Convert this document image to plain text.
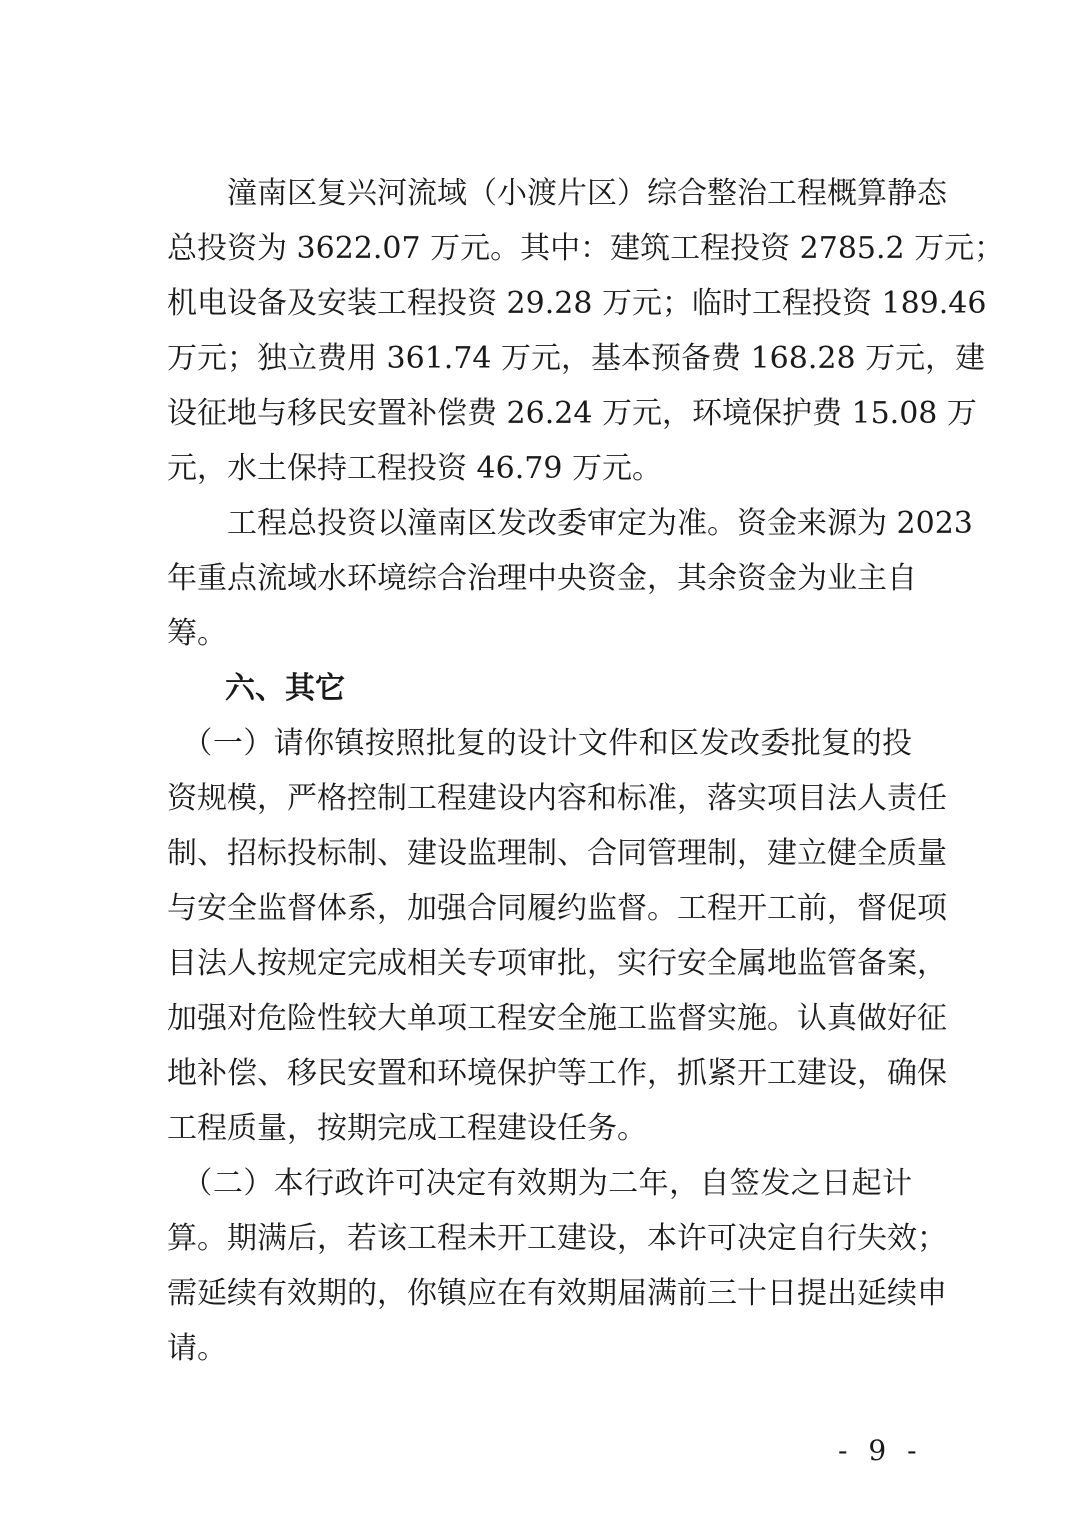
　　潼南区复兴河流域（小渡片区）综合整治工程概算静态
总投资为 3622.07 万元。其中：建筑工程投资 2785.2 万元；
机电设备及安装工程投资 29.28 万元；临时工程投资 189.46
万元；独立费用 361.74 万元，基本预备费 168.28 万元，建
设征地与移民安置补偿费 26.24 万元，环境保护费 15.08 万
元，水土保持工程投资 46.79 万元。
　　工程总投资以潼南区发改委审定为准。资金来源为 2023
年重点流域水环境综合治理中央资金，其余资金为业主自
筹。
六、其它
　（一）请你镇按照批复的设计文件和区发改委批复的投
资规模，严格控制工程建设内容和标准，落实项目法人责任
制、招标投标制、建设监理制、合同管理制，建立健全质量
与安全监督体系，加强合同履约监督。工程开工前，督促项
目法人按规定完成相关专项审批，实行安全属地监管备案，
加强对危险性较大单项工程安全施工监督实施。认真做好征
地补偿、移民安置和环境保护等工作，抓紧开工建设，确保
工程质量，按期完成工程建设任务。
　（二）本行政许可决定有效期为二年，自签发之日起计
算。期满后，若该工程未开工建设，本许可决定自行失效；
需延续有效期的，你镇应在有效期届满前三十日提出延续申
请。
- 9 -
